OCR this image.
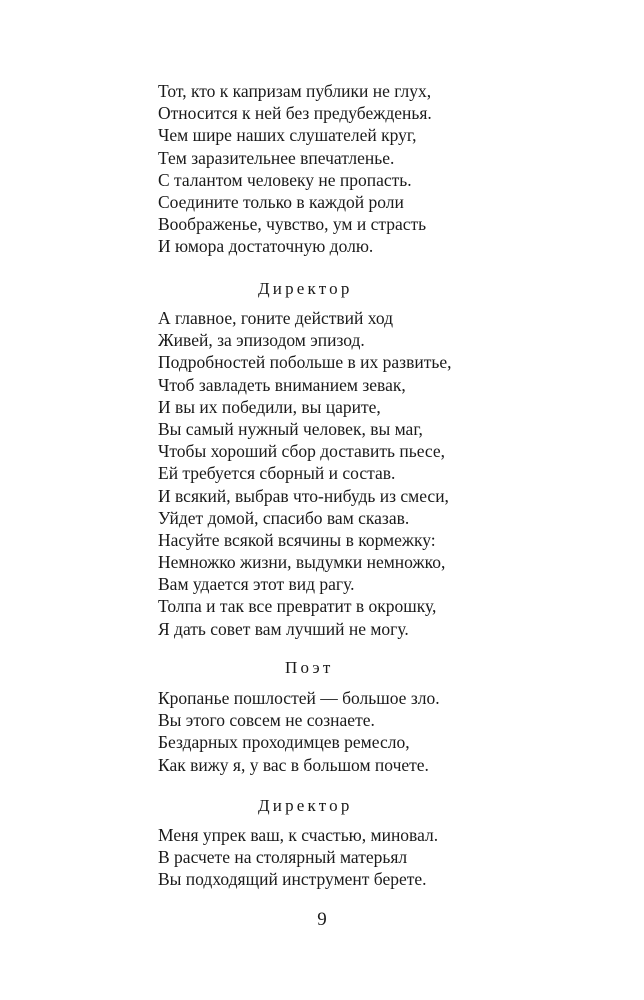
Тот, кто к капризам публики не глух,
Относится к ней без предубежденья.
Чем шире наших слушателей круг,
Тем заразительнее впечатленье.
С талантом человеку не пропасть.
Соедините только в каждой роли
Воображенье, чувство, ум и страсть
И юмора достаточную долю.
Директор
А главное, гоните действий ход
Живей, за эпизодом эпизод.
Подробностей побольше в их развитье,
Чтоб завладеть вниманием зевак,
И вы их победили, вы царите,
Вы самый нужный человек, вы маг,
Чтобы хороший сбор доставить пьесе,
Ей требуется сборный и состав.
И всякий, выбрав что-нибудь из смеси,
Уйдет домой, спасибо вам сказав.
Насуйте всякой всячины в кормежку:
Немножко жизни, выдумки немножко,
Вам удается этот вид рагу.
Толпа и так все превратит в окрошку,
Я дать совет вам лучший не могу.
Поэт
Кропанье пошлостей — большое зло.
Вы этого совсем не сознаете.
Бездарных проходимцев ремесло,
Как вижу я, у вас в большом почете.
Директор
Меня упрек ваш, к счастью, миновал.
В расчете на столярный матерьял
Вы подходящий инструмент берете.
9
